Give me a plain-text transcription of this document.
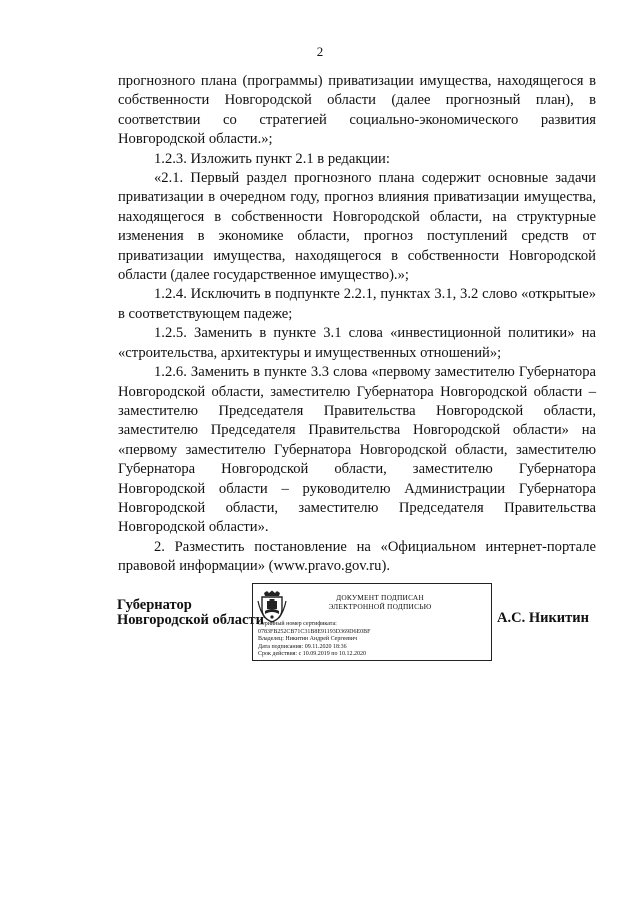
2

прогнозного плана (программы) приватизации имущества, находящегося в собственности Новгородской области (далее прогнозный план), в соответствии со стратегией социально-экономического развития Новгородской области.»;

1.2.3. Изложить пункт 2.1 в редакции:

«2.1. Первый раздел прогнозного плана содержит основные задачи приватизации в очередном году, прогноз влияния приватизации имущества, находящегося в собственности Новгородской области, на структурные изменения в экономике области, прогноз поступлений средств от приватизации имущества, находящегося в собственности Новгородской области (далее государственное имущество).»;

1.2.4. Исключить в подпункте 2.2.1, пунктах 3.1, 3.2 слово «открытые» в соответствующем падеже;

1.2.5. Заменить в пункте 3.1 слова «инвестиционной политики» на «строительства, архитектуры и имущественных отношений»;

1.2.6. Заменить в пункте 3.3 слова «первому заместителю Губернатора Новгородской области, заместителю Губернатора Новгородской области – заместителю Председателя Правительства Новгородской области, заместителю Председателя Правительства Новгородской области» на «первому заместителю Губернатора Новгородской области, заместителю Губернатора Новгородской области, заместителю Губернатора Новгородской области – руководителю Администрации Губернатора Новгородской области, заместителю Председателя Правительства Новгородской области».

2. Разместить постановление на «Официальном интернет-портале правовой информации» (www.pravo.gov.ru).

Губернатор
Новгородской области
ДОКУМЕНТ ПОДПИСАН
ЭЛЕКТРОННОЙ ПОДПИСЬЮ
Серийный номер сертификата:
0783FB252CB71C31B8E91193D369D6E0BF
Владелец: Никитин Андрей Сергеевич
Дата подписания: 09.11.2020 18:36
Срок действия: с 10.09.2019 по 10.12.2020
А.С. Никитин
